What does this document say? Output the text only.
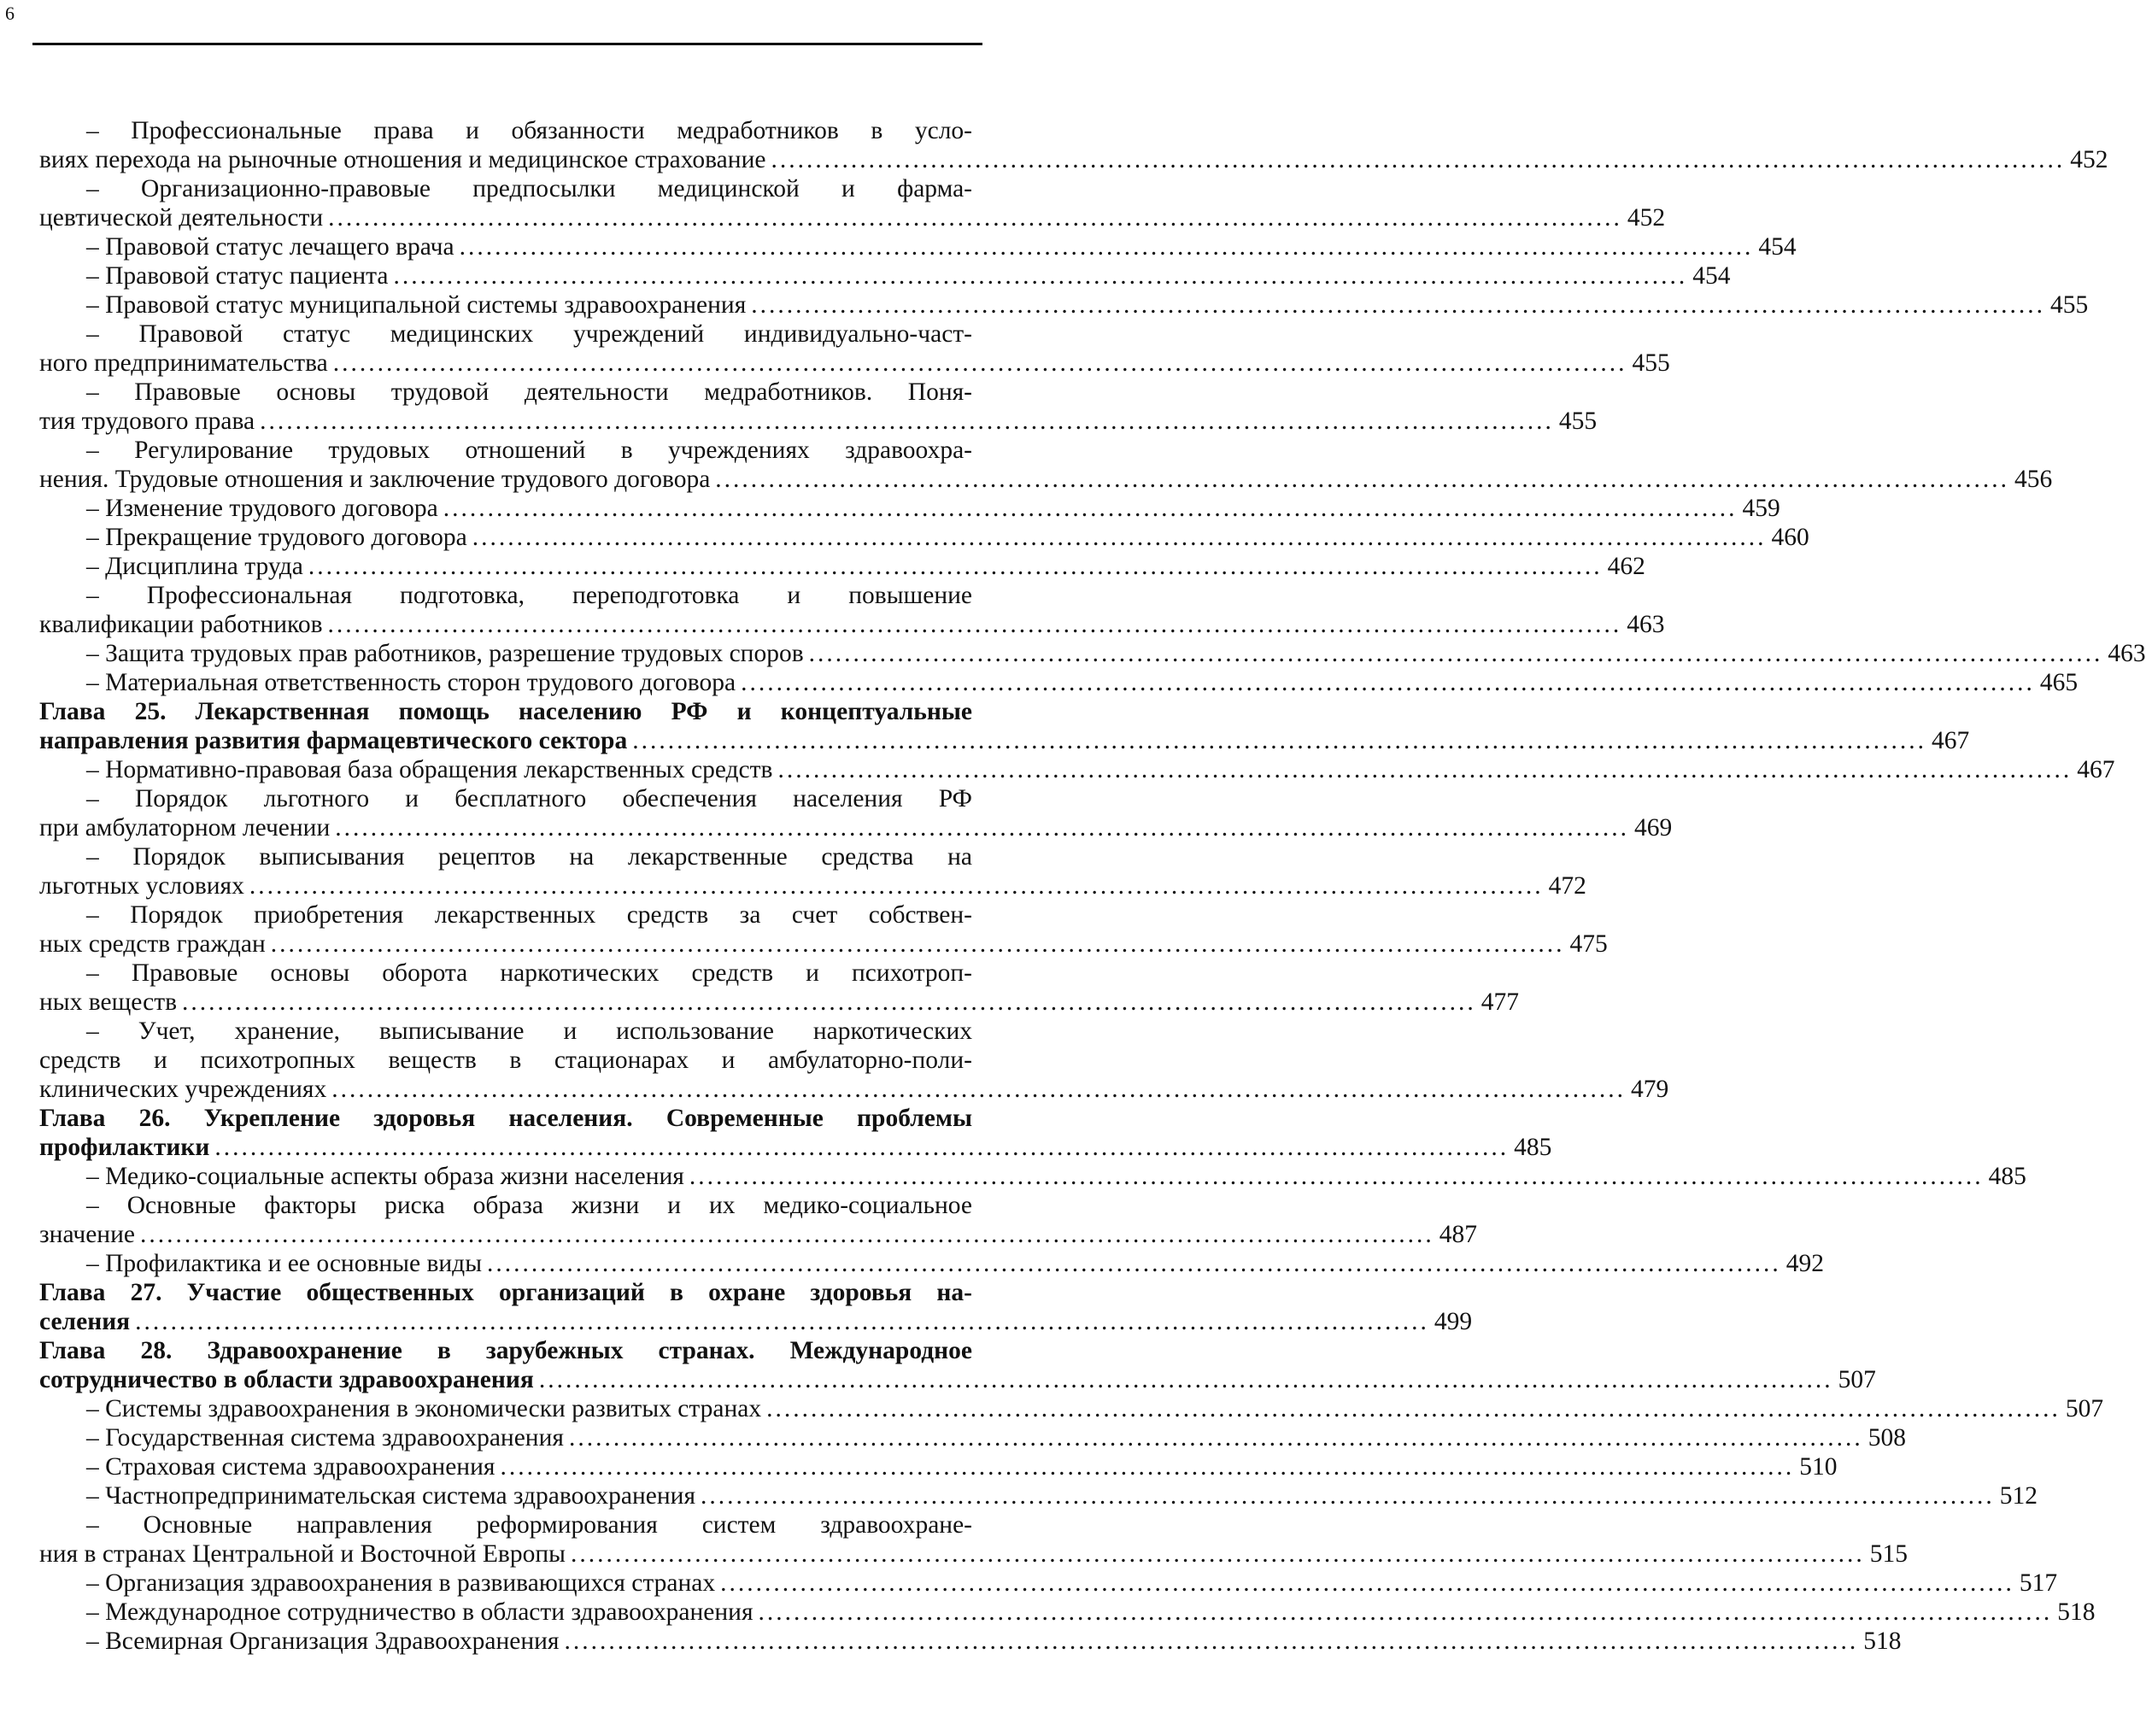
6
– Профессиональные права и обязанности медработников в усло-
виях перехода на рыночные отношения и медицинское страхование .................................................................................................................................................. 452
– Организационно-правовые предпосылки медицинской и фарма-
цевтической деятельности .................................................................................................................................................. 452
– Правовой статус лечащего врача .................................................................................................................................................. 454
– Правовой статус пациента .................................................................................................................................................. 454
– Правовой статус муниципальной системы здравоохранения .................................................................................................................................................. 455
– Правовой статус медицинских учреждений индивидуально-част-
ного предпринимательства .................................................................................................................................................. 455
– Правовые основы трудовой деятельности медработников. Поня-
тия трудового права .................................................................................................................................................. 455
– Регулирование трудовых отношений в учреждениях здравоохра-
нения. Трудовые отношения и заключение трудового договора .................................................................................................................................................. 456
– Изменение трудового договора .................................................................................................................................................. 459
– Прекращение трудового договора .................................................................................................................................................. 460
– Дисциплина труда .................................................................................................................................................. 462
– Профессиональная подготовка, переподготовка и повышение
квалификации работников .................................................................................................................................................. 463
– Защита трудовых прав работников, разрешение трудовых споров .................................................................................................................................................. 463
– Материальная ответственность сторон трудового договора .................................................................................................................................................. 465
Глава 25. Лекарственная помощь населению РФ и концептуальные
направления развития фармацевтического сектора .................................................................................................................................................. 467
– Нормативно-правовая база обращения лекарственных средств .................................................................................................................................................. 467
– Порядок льготного и бесплатного обеспечения населения РФ
при амбулаторном лечении .................................................................................................................................................. 469
– Порядок выписывания рецептов на лекарственные средства на
льготных условиях .................................................................................................................................................. 472
– Порядок приобретения лекарственных средств за счет собствен-
ных средств граждан .................................................................................................................................................. 475
– Правовые основы оборота наркотических средств и психотроп-
ных веществ .................................................................................................................................................. 477
– Учет, хранение, выписывание и использование наркотических
средств и психотропных веществ в стационарах и амбулаторно-поли-
клинических учреждениях .................................................................................................................................................. 479
Глава 26. Укрепление здоровья населения. Современные проблемы
профилактики .................................................................................................................................................. 485
– Медико-социальные аспекты образа жизни населения .................................................................................................................................................. 485
– Основные факторы риска образа жизни и их медико-социальное
значение .................................................................................................................................................. 487
– Профилактика и ее основные виды .................................................................................................................................................. 492
Глава 27. Участие общественных организаций в охране здоровья на-
селения .................................................................................................................................................. 499
Глава 28. Здравоохранение в зарубежных странах. Международное
сотрудничество в области здравоохранения .................................................................................................................................................. 507
– Системы здравоохранения в экономически развитых странах .................................................................................................................................................. 507
– Государственная система здравоохранения .................................................................................................................................................. 508
– Страховая система здравоохранения .................................................................................................................................................. 510
– Частнопредпринимательская система здравоохранения .................................................................................................................................................. 512
– Основные направления реформирования систем здравоохране-
ния в странах Центральной и Восточной Европы .................................................................................................................................................. 515
– Организация здравоохранения в развивающихся странах .................................................................................................................................................. 517
– Международное сотрудничество в области здравоохранения .................................................................................................................................................. 518
– Всемирная Организация Здравоохранения .................................................................................................................................................. 518
